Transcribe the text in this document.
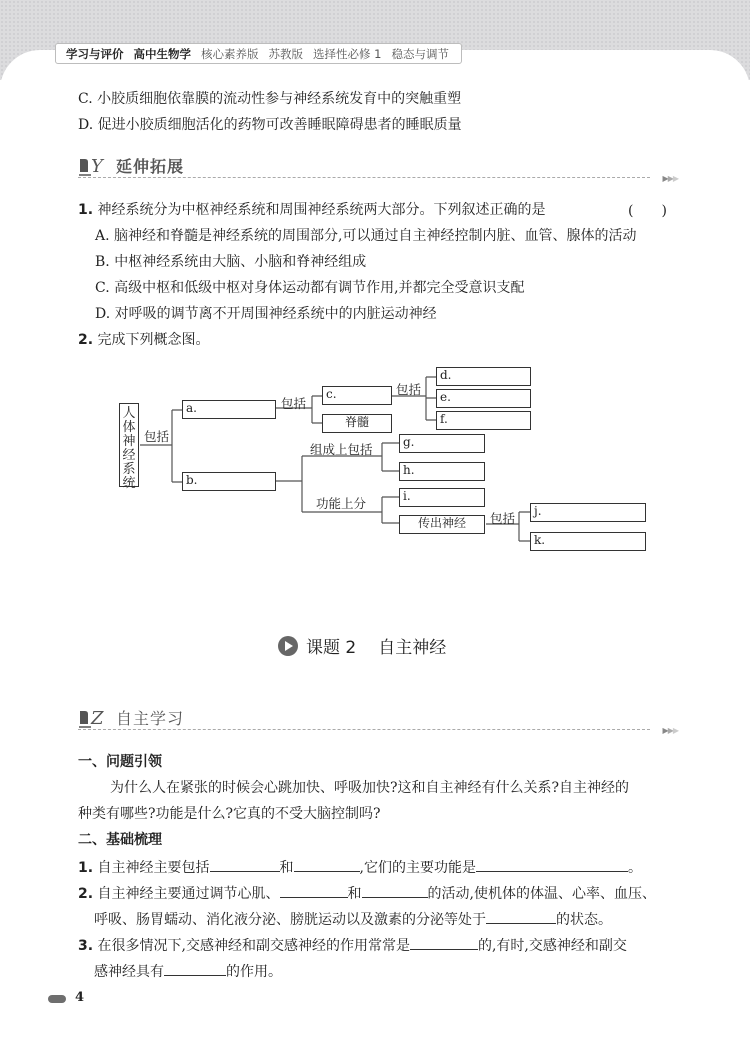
学习与评价 高中生物学 核心素养版 苏教版 选择性必修 1 稳态与调节
C. 小胶质细胞依靠膜的流动性参与神经系统发育中的突触重塑
D. 促进小胶质细胞活化的药物可改善睡眠障碍患者的睡眠质量
Y 延伸拓展
▶▶▶
1. 神经系统分为中枢神经系统和周围神经系统两大部分。下列叙述正确的是	(　　)
A. 脑神经和脊髓是神经系统的周围部分,可以通过自主神经控制内脏、血管、腺体的活动
B. 中枢神经系统由大脑、小脑和脊神经组成
C. 高级中枢和低级中枢对身体运动都有调节作用,并都完全受意识支配
D. 对呼吸的调节离不开周围神经系统中的内脏运动神经
2. 完成下列概念图。
人体神经系统
包括
a.
b.
包括
c.
脊髓
包括
d.
e.
f.
组成上包括	g.
h.
功能上分	i.
传出神经	包括	j.
k.
课题 2 自主神经
Z 自主学习
▶▶▶
一、问题引领
为什么人在紧张的时候会心跳加快、呼吸加快?这和自主神经有什么关系?自主神经的
种类有哪些?功能是什么?它真的不受大脑控制吗?
二、基础梳理
1. 自主神经主要包括	和	,它们的主要功能是	。
2. 自主神经主要通过调节心肌、	和	的活动,使机体的体温、心率、血压、
呼吸、肠胃蠕动、消化液分泌、膀胱运动以及激素的分泌等处于	的状态。
3. 在很多情况下,交感神经和副交感神经的作用常常是	的,有时,交感神经和副交
感神经具有	的作用。
4
